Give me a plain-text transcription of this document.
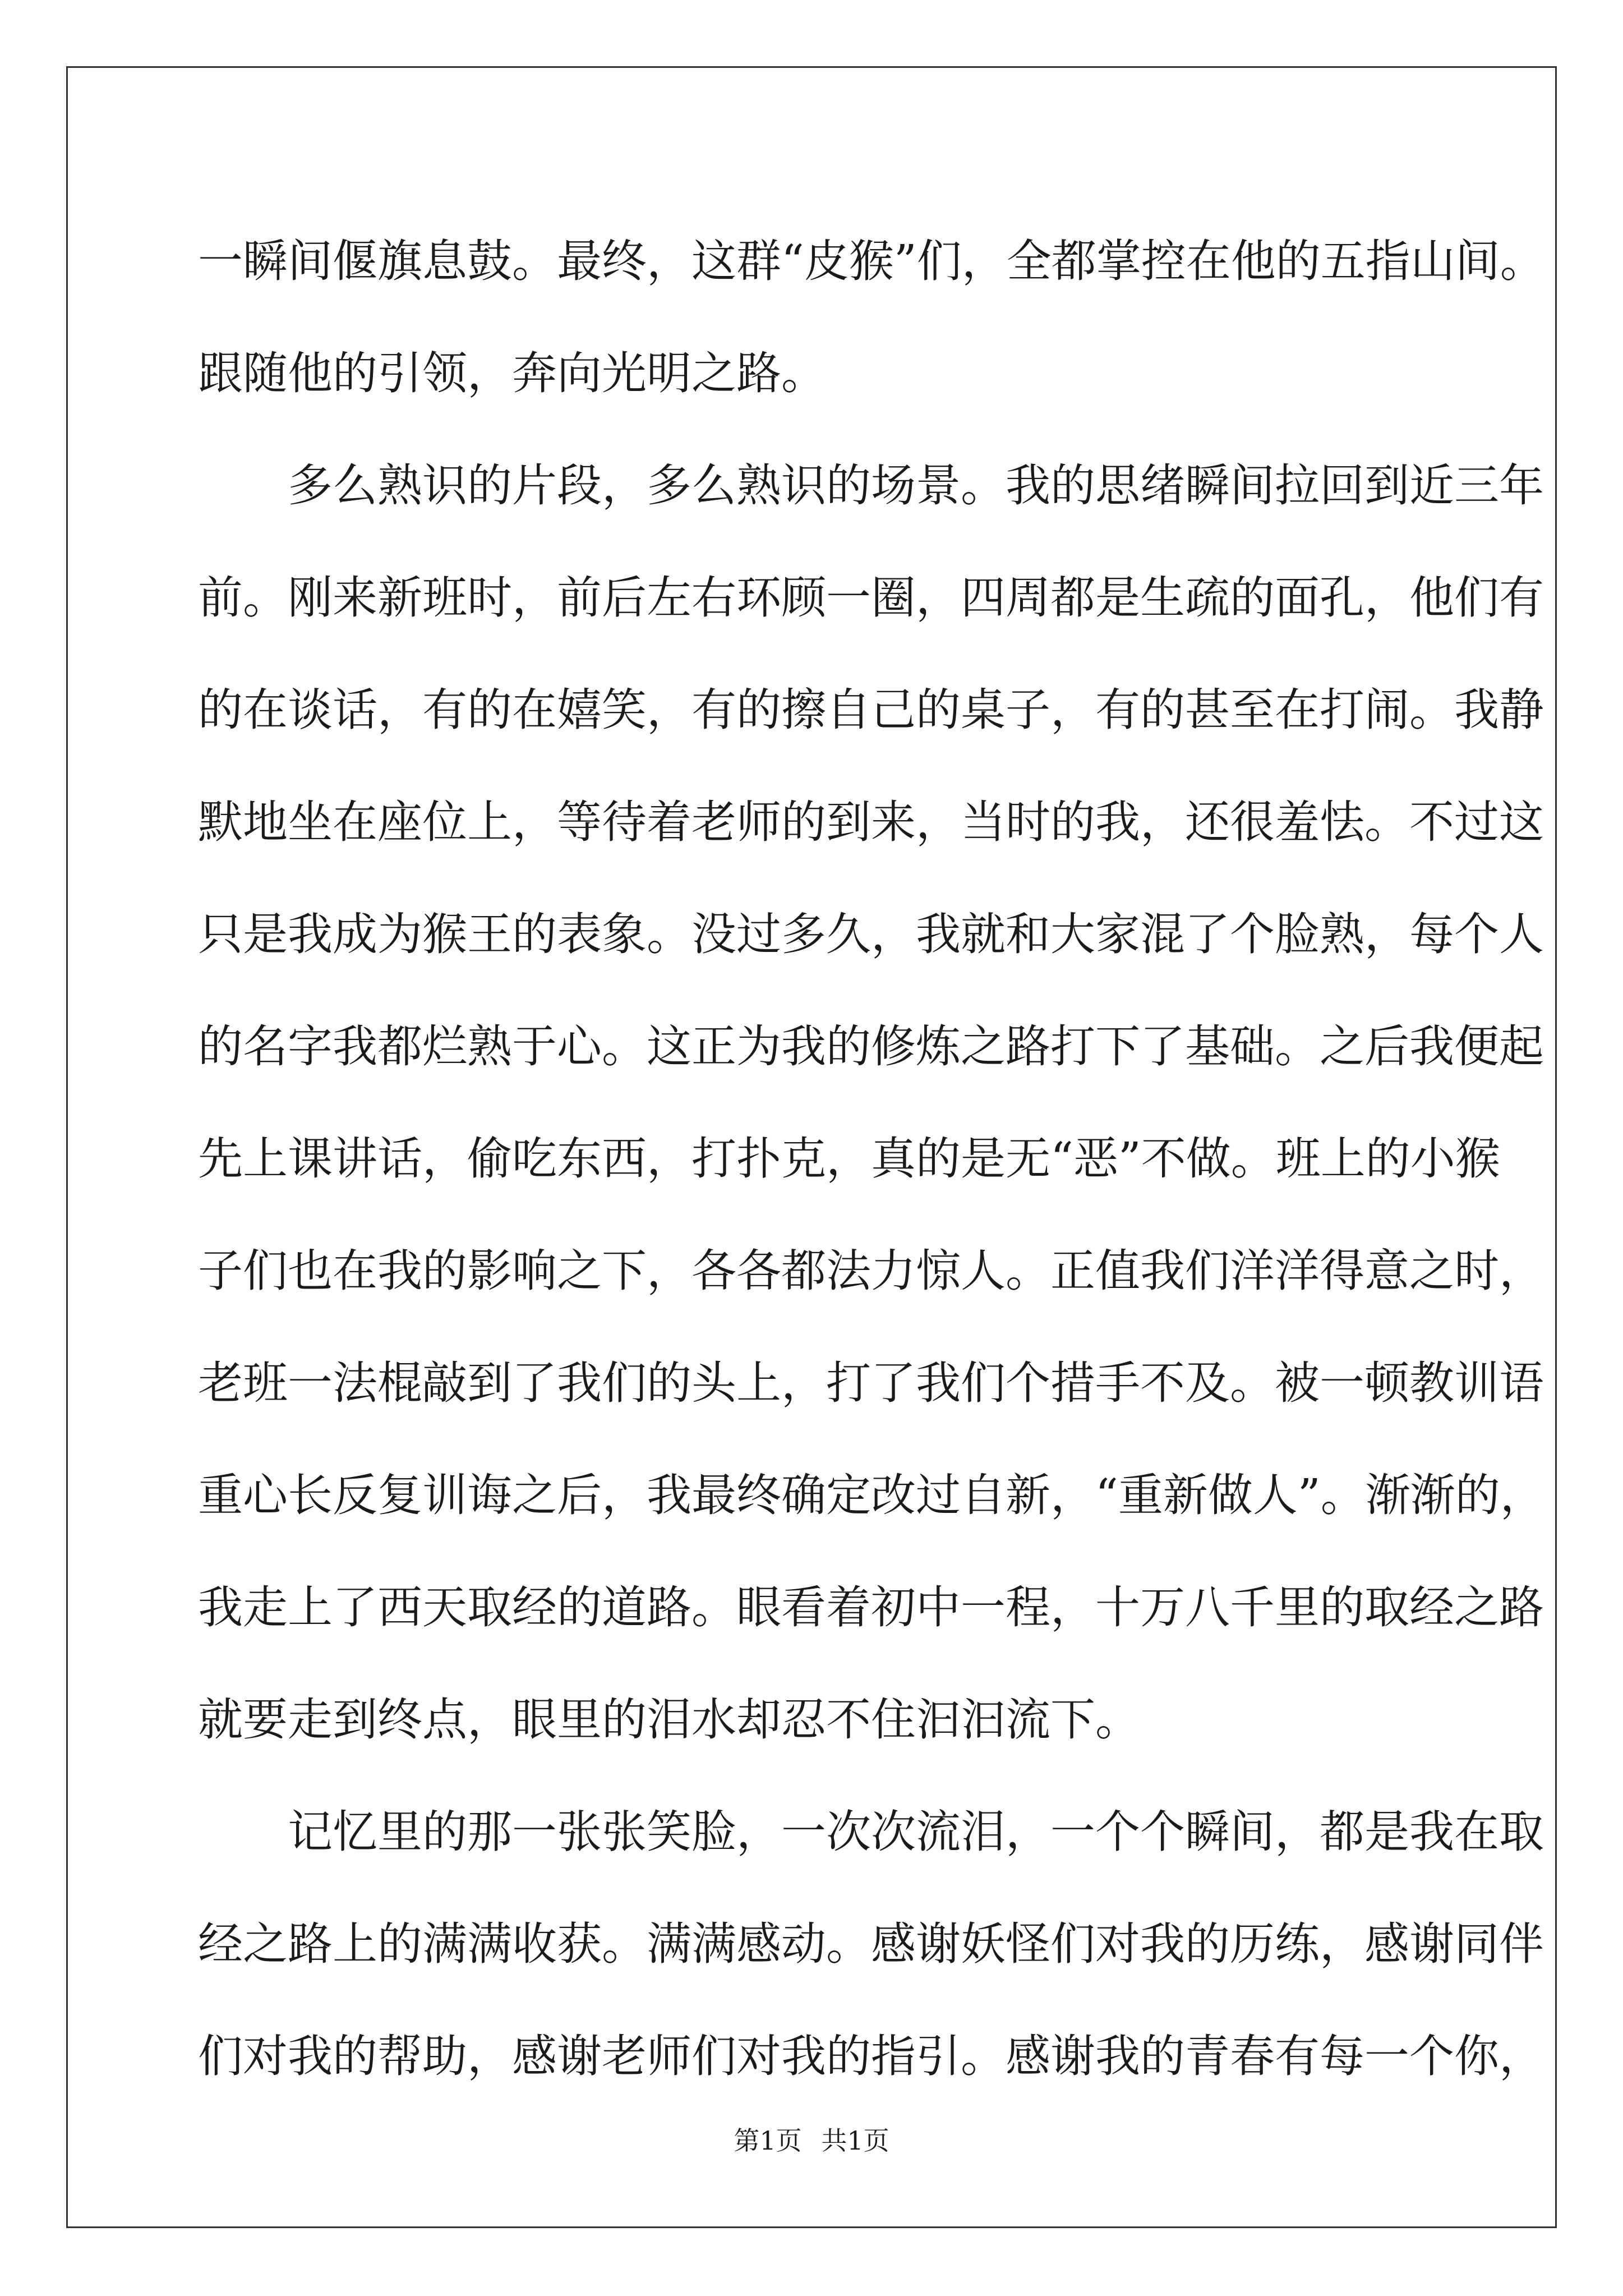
一瞬间偃旗息鼓。最终，这群“皮猴”们，全都掌控在他的五指山间。
跟随他的引领，奔向光明之路。
多么熟识的片段，多么熟识的场景。我的思绪瞬间拉回到近三年
前。刚来新班时，前后左右环顾一圈，四周都是生疏的面孔，他们有
的在谈话，有的在嬉笑，有的擦自己的桌子，有的甚至在打闹。我静
默地坐在座位上，等待着老师的到来，当时的我，还很羞怯。不过这
只是我成为猴王的表象。没过多久，我就和大家混了个脸熟，每个人
的名字我都烂熟于心。这正为我的修炼之路打下了基础。之后我便起
先上课讲话，偷吃东西，打扑克，真的是无“恶”不做。班上的小猴
子们也在我的影响之下，各各都法力惊人。正值我们洋洋得意之时，
老班一法棍敲到了我们的头上，打了我们个措手不及。被一顿教训语
重心长反复训诲之后，我最终确定改过自新，“重新做人”。渐渐的，
我走上了西天取经的道路。眼看着初中一程，十万八千里的取经之路
就要走到终点，眼里的泪水却忍不住汩汩流下。
记忆里的那一张张笑脸，一次次流泪，一个个瞬间，都是我在取
经之路上的满满收获。满满感动。感谢妖怪们对我的历练，感谢同伴
们对我的帮助，感谢老师们对我的指引。感谢我的青春有每一个你，
第1页 共1页
